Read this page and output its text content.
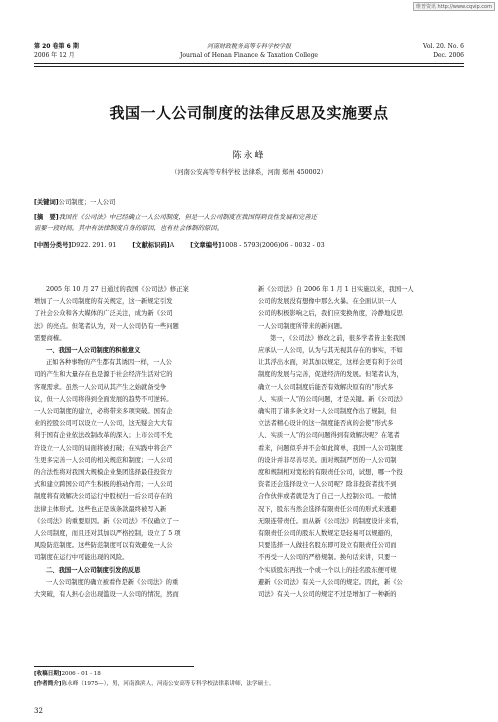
维普资讯 http://www.cqvip.com
第 20 卷第 6 期
2006 年 12 月
河南财政税务高等专科学校学报
Journal of Henan Finance & Taxation College
Vol. 20. No. 6
Dec. 2006
我国一人公司制度的法律反思及实施要点
陈永峰
（河南公安高等专科学校 法律系，河南 郑州 450002）
[关键词]公司制度；一人公司
[摘　要]我国在《公司法》中已经确立一人公司制度，但是一人公司制度在我国得到良性发展和完善还
需要一段时间。其中有法律制度自身的原因，也有社会体制的原因。
[中图分类号]D922. 291. 91	[文献标识码]A	[文章编号]1008 - 5793(2006)06 - 0032 - 03

2005 年 10 月 27 日通过的我国《公司法》修正案

增加了一人公司制度的有关规定，这一新规定引发

了社会公众和各大媒体的广泛关注，成为新《公司

法》的亮点。但笔者认为，对一人公司仍有一些问题

需要商榷。

一、我国一人公司制度的积极意义

正如各种事物的产生都有其诱因一样，一人公

司的产生和大量存在也是源于社会经济生活对它的

客观需求。虽然一人公司从其产生之始就备受争

议，但一人公司将得到全面发展的趋势不可逆转。

一人公司制度的建立，必将带来多项突破。国有企

业的控股公司可以设立一人公司，这无疑会大大有

利于国有企业依法改制改革的深入；上市公司不允

许设立一人公司的局面将被打破；在实践中将会产

生更多完善一人公司的相关规范和制度；一人公司

的合法性将对我国大规模企业集团选择最佳投资方

式和建立跨国公司产生积极的推动作用；一人公司

制度将有效解决公司运行中股权归一后公司存在的

法律主体形式。这些也正是该条款最终被写入新

《公司法》的重要原因。新《公司法》不仅确立了一

人公司制度，而且还对其加以严格控制，设立了 5 项

风险防范制度。这些防范制度可以有效避免一人公

司制度在运行中可能出现的风险。

二、我国一人公司制度引发的反思

一人公司制度的确立被看作是新《公司法》的重

大突破，有人担心会出现滥设一人公司的情况，然而

新《公司法》自 2006 年 1 月 1 日实施以来，我国一人

公司的发展没有想像中那么火暴。在全面认识一人

公司的积极影响之后，我们应变换角度，冷静地反思

一人公司制度所带来的新问题。

第一，《公司法》修改之前，很多学者皆主张我国

应承认一人公司，认为与其无视其存在的事实，不如

让其浮出水面，对其加以规定，这样会更有利于公司

制度的发展与完善，促进经济的发展。但笔者认为，

确立一人公司制度后能否有效解决原有的“形式多

人、实质一人”的公司问题，才是关键。新《公司法》

确实用了诸多条文对一人公司制度作出了规制，但

立法者精心设计的这一制度能否真的会使“形式多

人、实质一人”的公司问题得到有效解决呢？在笔者

看来，问题似乎并不会如此简单，我国一人公司制度

的设计并非尽善尽美。面对规制严厉的一人公司制

度和规制相对宽松的有限责任公司，试想，哪一个投

资者还会选择设立一人公司呢？除非投资者找不到

合作伙伴或者就是为了自己一人控制公司。一般情

况下，股东当然会选择有限责任公司的形式来逃避

无限连带责任。而从新《公司法》的制度设计来看，

有限责任公司的股东人数规定是轻易可以规避的，

只要选择一人做挂名股东即可设立有限责任公司而

不再受一人公司的严格规制。换句话来讲，只要一

个实质股东再找一个或一个以上的挂名股东便可规

避新《公司法》有关一人公司的规定。因此，新《公

司法》有关一人公司的规定不过是增加了一种新的

[收稿日期]2006 - 01 - 18
[作者简介]陈永峰（1975—），男，河南淮滨人，河南公安高等专科学校法律系讲师，法学硕士。
32
